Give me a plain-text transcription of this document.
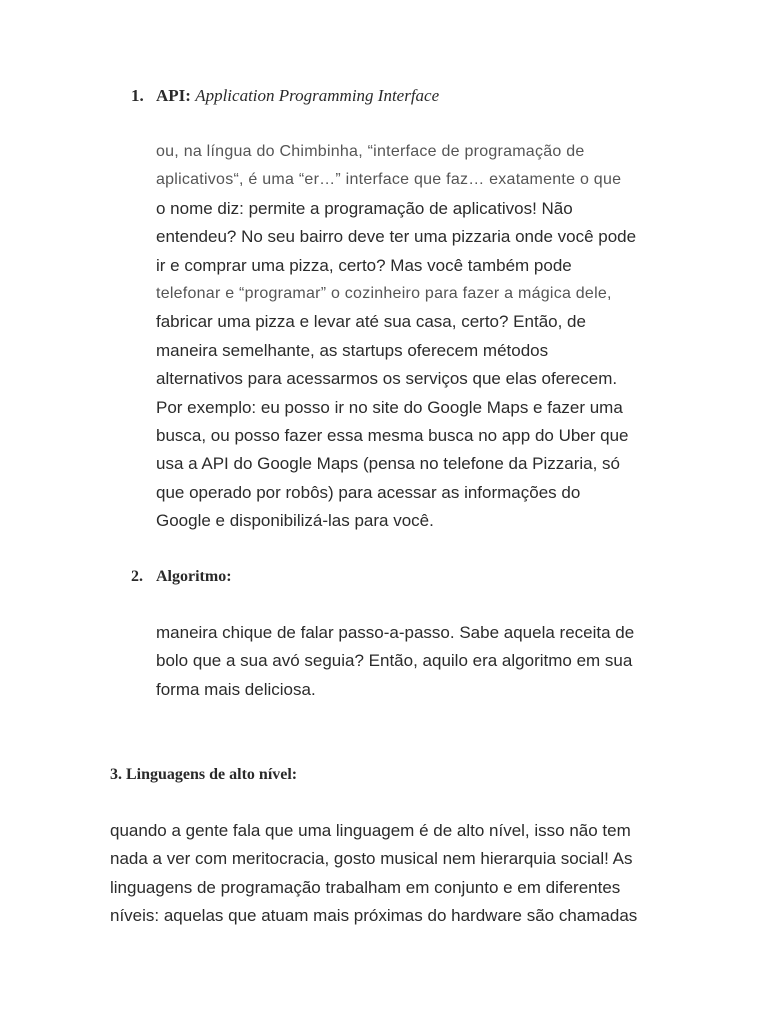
1. API: Application Programming Interface
ou, na língua do Chimbinha, “interface de programação de
aplicativos“, é uma “er…” interface que faz… exatamente o que
o nome diz: permite a programação de aplicativos! Não
entendeu? No seu bairro deve ter uma pizzaria onde você pode
ir e comprar uma pizza, certo? Mas você também pode
telefonar e “programar” o cozinheiro para fazer a mágica dele,
fabricar uma pizza e levar até sua casa, certo? Então, de
maneira semelhante, as startups oferecem métodos
alternativos para acessarmos os serviços que elas oferecem.
Por exemplo: eu posso ir no site do Google Maps e fazer uma
busca, ou posso fazer essa mesma busca no app do Uber que
usa a API do Google Maps (pensa no telefone da Pizzaria, só
que operado por robôs) para acessar as informações do
Google e disponibilizá-las para você.
2. Algoritmo:
maneira chique de falar passo-a-passo. Sabe aquela receita de
bolo que a sua avó seguia? Então, aquilo era algoritmo em sua
forma mais deliciosa.
3. Linguagens de alto nível:
quando a gente fala que uma linguagem é de alto nível, isso não tem
nada a ver com meritocracia, gosto musical nem hierarquia social! As
linguagens de programação trabalham em conjunto e em diferentes
níveis: aquelas que atuam mais próximas do hardware são chamadas
